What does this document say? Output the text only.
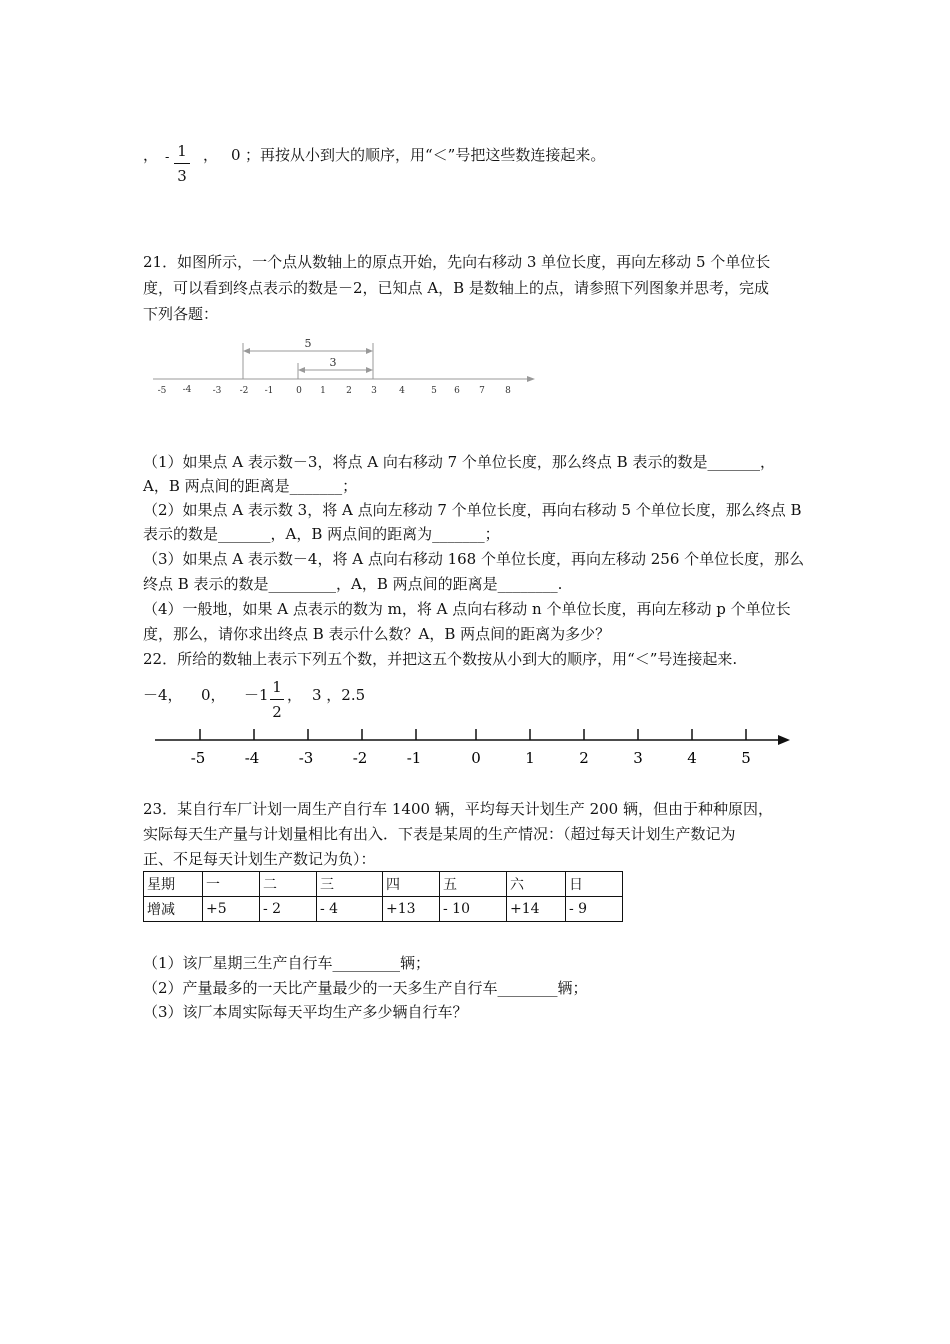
， - 1
3
， 0 ；再按从小到大的顺序，用“＜”号把这些数连接起来。
21．如图所示，一个点从数轴上的原点开始，先向右移动 3 单位长度，再向左移动 5 个单位长
度，可以看到终点表示的数是－2，已知点 A，B 是数轴上的点，请参照下列图象并思考，完成
下列各题：
5
3
-5 -4 -3 -2 -1	0 1 2 3 4	5 6 7 8
（1）如果点 A 表示数－3，将点 A 向右移动 7 个单位长度，那么终点 B 表示的数是_______，
A，B 两点间的距离是_______；
（2）如果点 A 表示数 3，将 A 点向左移动 7 个单位长度，再向右移动 5 个单位长度，那么终点 B
表示的数是_______，A，B 两点间的距离为_______；
（3）如果点 A 表示数－4，将 A 点向右移动 168 个单位长度，再向左移动 256 个单位长度，那么
终点 B 表示的数是_________，A，B 两点间的距离是________.
（4）一般地，如果 A 点表示的数为 m，将 A 点向右移动 n 个单位长度，再向左移动 p 个单位长
度，那么，请你求出终点 B 表示什么数？A，B 两点间的距离为多少？
22．所给的数轴上表示下列五个数，并把这五个数按从小到大的顺序，用“＜”号连接起来.
－4， 0， －1 1
2
， 3 ，2.5
-5	-4	-3	-2	-1	0	1	2	3	4	5
23．某自行车厂计划一周生产自行车 1400 辆，平均每天计划生产 200 辆，但由于种种原因，
实际每天生产量与计划量相比有出入．下表是某周的生产情况：（超过每天计划生产数记为
正、不足每天计划生产数记为负）：
星期	一	二	三	四	五	六	日
增减	+5	- 2	- 4	+13	- 10	+14	- 9
（1）该厂星期三生产自行车_________辆；
（2）产量最多的一天比产量最少的一天多生产自行车________辆；
（3）该厂本周实际每天平均生产多少辆自行车？
